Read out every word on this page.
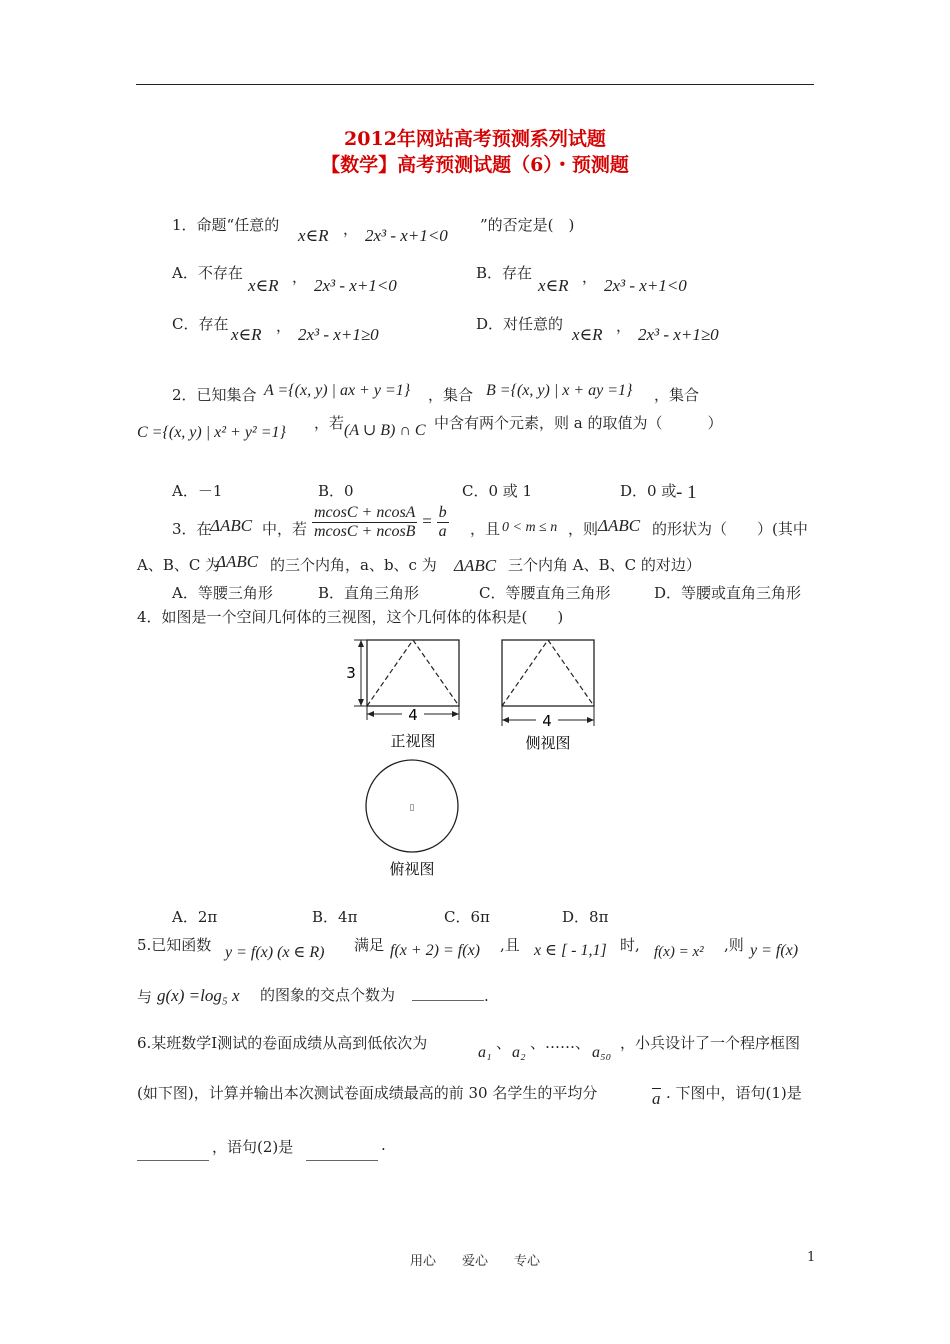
2012年网站高考预测系列试题
【数学】高考预测试题（6）・预测题
1．命题“任意的
x∈R ， 2x³ - x+1<0
”的否定是(　)
A．不存在
x∈R ， 2x³ - x+1<0
B．存在
x∈R ， 2x³ - x+1<0
C．存在
x∈R ， 2x³ - x+1≥0
D．对任意的
x∈R ， 2x³ - x+1≥0
2．已知集合 A ={(x, y) | ax + y =1} ，集合 B ={(x, y) | x + ay =1} ，集合
C ={(x, y) | x² + y² =1}
，若 (A ∪ B) ∩ C 中含有两个元素，则 a 的取值为（　　　）
A．－1	B．0	C．0 或 1	D．0 或 - 1
3．在
ΔABC 中，若 $\frac{mcosC + ncosA}{mcosC + ncosB} = \frac{b}{a}$ ，且 0 < m ≤ n ，则 ΔABC 的形状为（　　）(其中
A、B、C 为
ΔABC 的三个内角，a、b、c 为 ΔABC 三个内角 A、B、C 的对边）
A．等腰三角形	B．直角三角形	C．等腰直角三角形	D．等腰或直角三角形
4．如图是一个空间几何体的三视图，这个几何体的体积是(　　)
3
4
正视图
4
侧视图
▯
俯视图
A．2π	B．4π	C．6π	D．8π
5.已知函数 y = f(x) (x ∈ R) 满足 f(x + 2) = f(x) ,且 x ∈ [ - 1,1] 时, f(x) = x² ,则 y = f(x)
与 g(x) =log₅ x 的图象的交点个数为	.
6.某班数学Ⅰ测试的卷面成绩从高到低依次为
a₁
、
a₂
、……、
a₅₀
，小兵设计了一个程序框图
(如下图)，计算并输出本次测试卷面成绩最高的前 30 名学生的平均分	a . 下图中，语句(1)是
，语句(2)是	.
用心　　爱心　　专心	1
